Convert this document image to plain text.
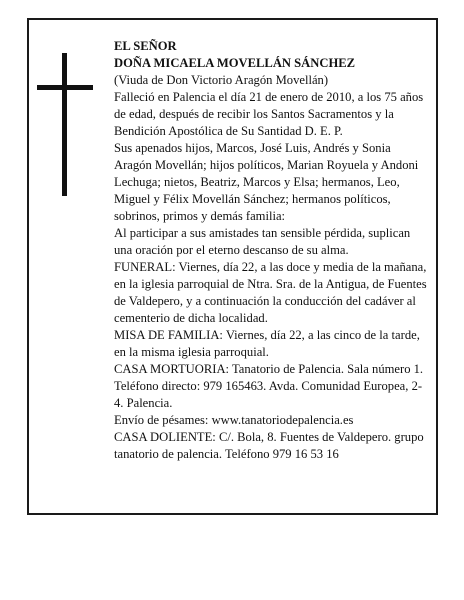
EL SEÑOR

DOÑA MICAELA MOVELLÁN SÁNCHEZ

(Viuda de Don Victorio Aragón Movellán)

Falleció en Palencia el día 21 de enero de 2010, a los 75 años de edad, después de recibir los Santos Sacramentos y la Bendición Apostólica de Su Santidad D. E. P.

Sus apenados hijos, Marcos, José Luis, Andrés y Sonia Aragón Movellán; hijos políticos, Marian Royuela y Andoni Lechuga; nietos, Beatriz, Marcos y Elsa; hermanos, Leo, Miguel y Félix Movellán Sánchez; hermanos políticos, sobrinos, primos y demás familia:

Al participar a sus amistades tan sensible pérdida, suplican una oración por el eterno descanso de su alma.

FUNERAL: Viernes, día 22, a las doce y media de la mañana, en la iglesia parroquial de Ntra. Sra. de la Antigua, de Fuentes de Valdepero, y a continuación la conducción del cadáver al cementerio de dicha localidad.

MISA DE FAMILIA: Viernes, día 22, a las cinco de la tarde, en la misma iglesia parroquial.

CASA MORTUORIA: Tanatorio de Palencia. Sala número 1. Teléfono directo: 979 165463. Avda. Comunidad Europea, 2-4. Palencia.

Envío de pésames: www.tanatoriodepalencia.es

CASA DOLIENTE: C/. Bola, 8. Fuentes de Valdepero. grupo tanatorio de palencia. Teléfono 979 16 53 16
